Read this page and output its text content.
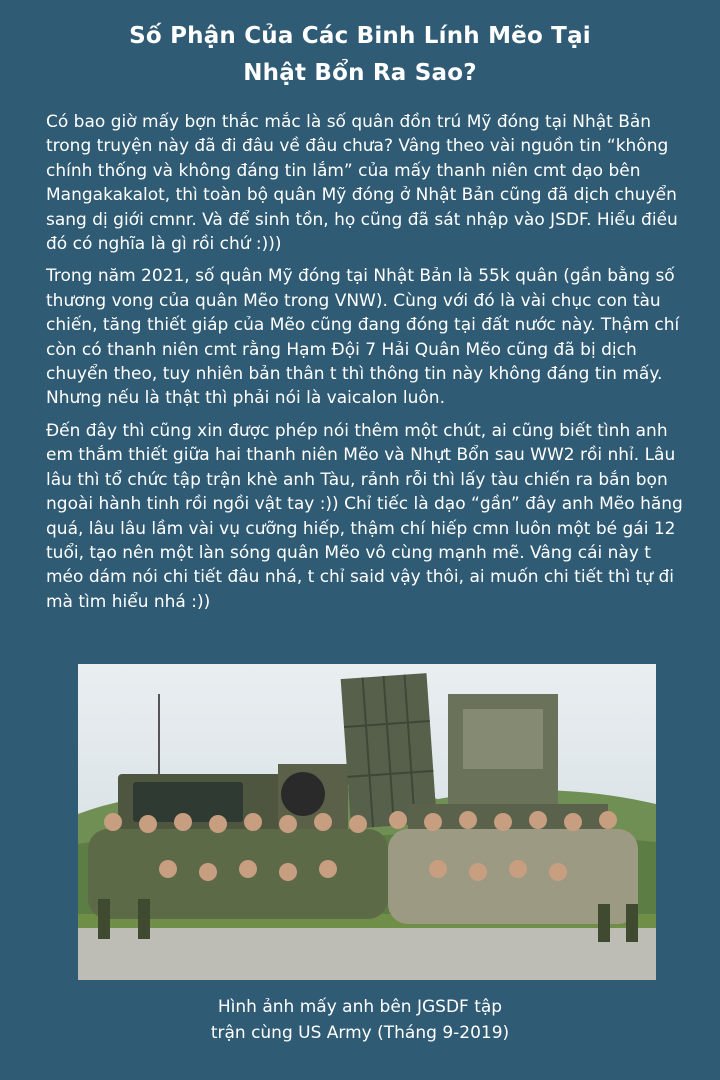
Số Phận Của Các Binh Lính Mẽo Tại
Nhật Bổn Ra Sao?

Có bao giờ mấy bợn thắc mắc là số quân đồn trú Mỹ đóng tại Nhật Bản trong truyện này đã đi đâu về đâu chưa? Vâng theo vài nguồn tin “không chính thống và không đáng tin lắm” của mấy thanh niên cmt dạo bên Mangakakalot, thì toàn bộ quân Mỹ đóng ở Nhật Bản cũng đã dịch chuyển sang dị giới cmnr. Và để sinh tồn, họ cũng đã sát nhập vào JSDF. Hiểu điều đó có nghĩa là gì rồi chứ :)))

Trong năm 2021, số quân Mỹ đóng tại Nhật Bản là 55k quân (gần bằng số thương vong của quân Mẽo trong VNW). Cùng với đó là vài chục con tàu chiến, tăng thiết giáp của Mẽo cũng đang đóng tại đất nước này. Thậm chí còn có thanh niên cmt rằng Hạm Đội 7 Hải Quân Mẽo cũng đã bị dịch chuyển theo, tuy nhiên bản thân t thì thông tin này không đáng tin mấy. Nhưng nếu là thật thì phải nói là vaicalon luôn.

Đến đây thì cũng xin được phép nói thêm một chút, ai cũng biết tình anh em thắm thiết giữa hai thanh niên Mẽo và Nhựt Bổn sau WW2 rồi nhỉ. Lâu lâu thì tổ chức tập trận khè anh Tàu, rảnh rỗi thì lấy tàu chiến ra bắn bọn ngoài hành tinh rồi ngồi vật tay :)) Chỉ tiếc là dạo “gần” đây anh Mẽo hăng quá, lâu lâu lầm vài vụ cưỡng hiếp, thậm chí hiếp cmn luôn một bé gái 12 tuổi, tạo nên một làn sóng quân Mẽo vô cùng mạnh mẽ. Vâng cái này t méo dám nói chi tiết đâu nhá, t chỉ said vậy thôi, ai muốn chi tiết thì tự đi mà tìm hiểu nhá :))

Hình ảnh mấy anh bên JGSDF tập
trận cùng US Army (Tháng 9-2019)
